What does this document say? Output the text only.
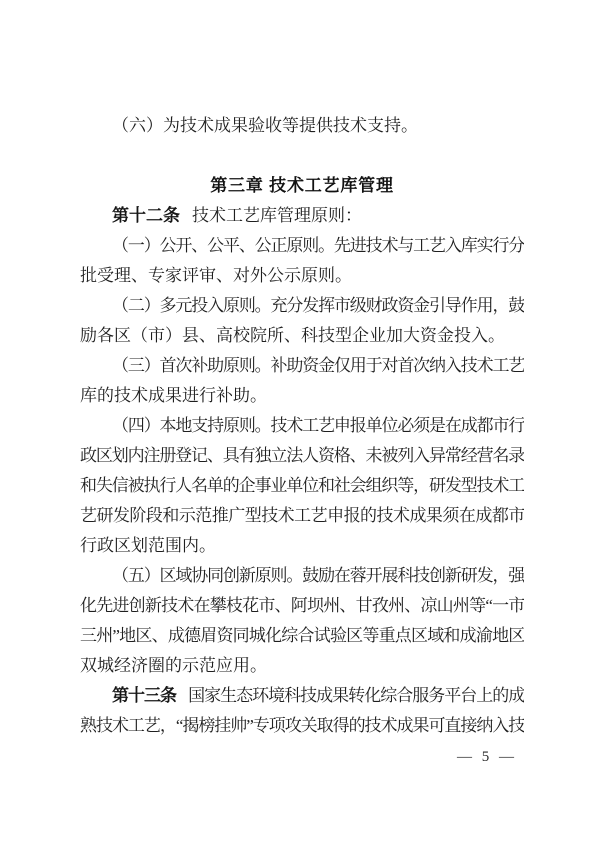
（六）为技术成果验收等提供技术支持。
第三章 技术工艺库管理
第十二条 技术工艺库管理原则：
（一）公开、公平、公正原则。先进技术与工艺入库实行分
批受理、专家评审、对外公示原则。
（二）多元投入原则。充分发挥市级财政资金引导作用，鼓
励各区（市）县、高校院所、科技型企业加大资金投入。
（三）首次补助原则。补助资金仅用于对首次纳入技术工艺
库的技术成果进行补助。
（四）本地支持原则。技术工艺申报单位必须是在成都市行
政区划内注册登记、具有独立法人资格、未被列入异常经营名录
和失信被执行人名单的企事业单位和社会组织等，研发型技术工
艺研发阶段和示范推广型技术工艺申报的技术成果须在成都市
行政区划范围内。
（五）区域协同创新原则。鼓励在蓉开展科技创新研发，强
化先进创新技术在攀枝花市、阿坝州、甘孜州、凉山州等“一市
三州”地区、成德眉资同城化综合试验区等重点区域和成渝地区
双城经济圈的示范应用。
第十三条 国家生态环境科技成果转化综合服务平台上的成
熟技术工艺，“揭榜挂帅”专项攻关取得的技术成果可直接纳入技
— 5 —
